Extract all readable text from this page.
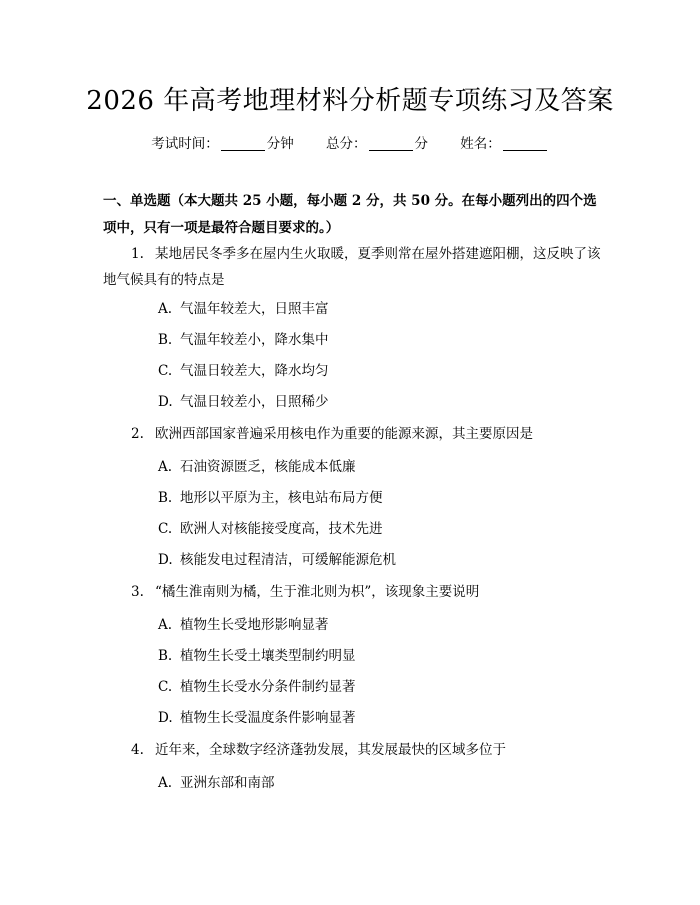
2026 年高考地理材料分析题专项练习及答案
考试时间：	分钟 总分：	分 姓名：
一、单选题（本大题共 25 小题，每小题 2 分，共 50 分。在每小题列出的四个选项中，只有一项是最符合题目要求的。）
1. 某地居民冬季多在屋内生火取暖，夏季则常在屋外搭建遮阳棚，这反映了该地气候具有的特点是
A. 气温年较差大，日照丰富
B. 气温年较差小，降水集中
C. 气温日较差大，降水均匀
D. 气温日较差小，日照稀少
2. 欧洲西部国家普遍采用核电作为重要的能源来源，其主要原因是
A. 石油资源匮乏，核能成本低廉
B. 地形以平原为主，核电站布局方便
C. 欧洲人对核能接受度高，技术先进
D. 核能发电过程清洁，可缓解能源危机
3. “橘生淮南则为橘，生于淮北则为枳”，该现象主要说明
A. 植物生长受地形影响显著
B. 植物生长受土壤类型制约明显
C. 植物生长受水分条件制约显著
D. 植物生长受温度条件影响显著
4. 近年来，全球数字经济蓬勃发展，其发展最快的区域多位于
A. 亚洲东部和南部
